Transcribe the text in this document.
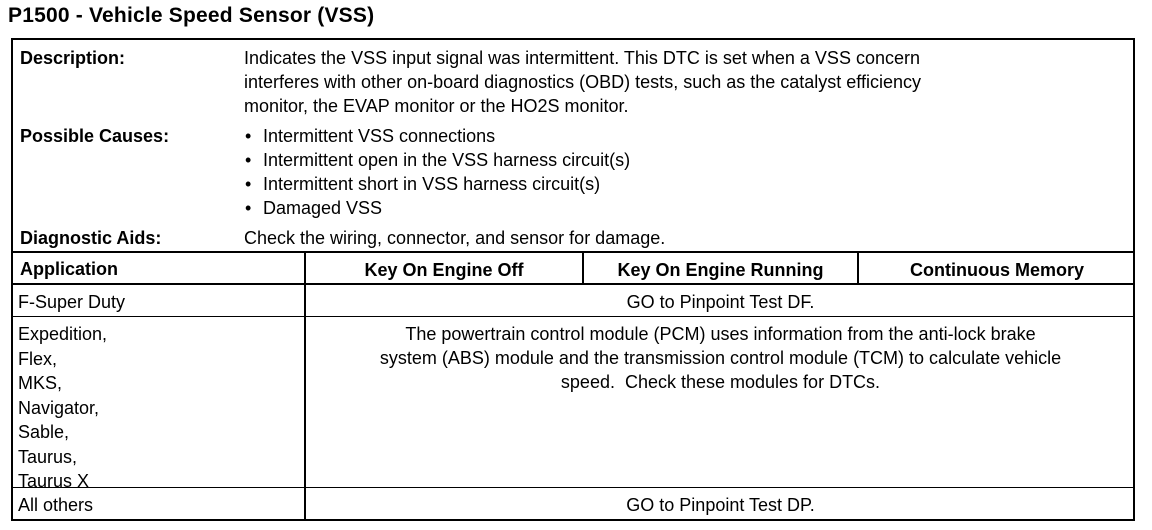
P1500 - Vehicle Speed Sensor (VSS)
Description:	Indicates the VSS input signal was intermittent. This DTC is set when a VSS concern
interferes with other on-board diagnostics (OBD) tests, such as the catalyst efficiency
monitor, the EVAP monitor or the HO2S monitor.
Possible Causes:
•	Intermittent VSS connections
• Intermittent open in the VSS harness circuit(s)
• Intermittent short in VSS harness circuit(s)
• Damaged VSS
Diagnostic Aids:	Check the wiring, connector, and sensor for damage.
Application	Key On Engine Off	Key On Engine Running	Continuous Memory
F-Super Duty	GO to Pinpoint Test DF.
Expedition,
Flex,
MKS,
Navigator,
Sable,
Taurus,
Taurus X
The powertrain control module (PCM) uses information from the anti-lock brake
system (ABS) module and the transmission control module (TCM) to calculate vehicle
speed.  Check these modules for DTCs.
All others	GO to Pinpoint Test DP.
